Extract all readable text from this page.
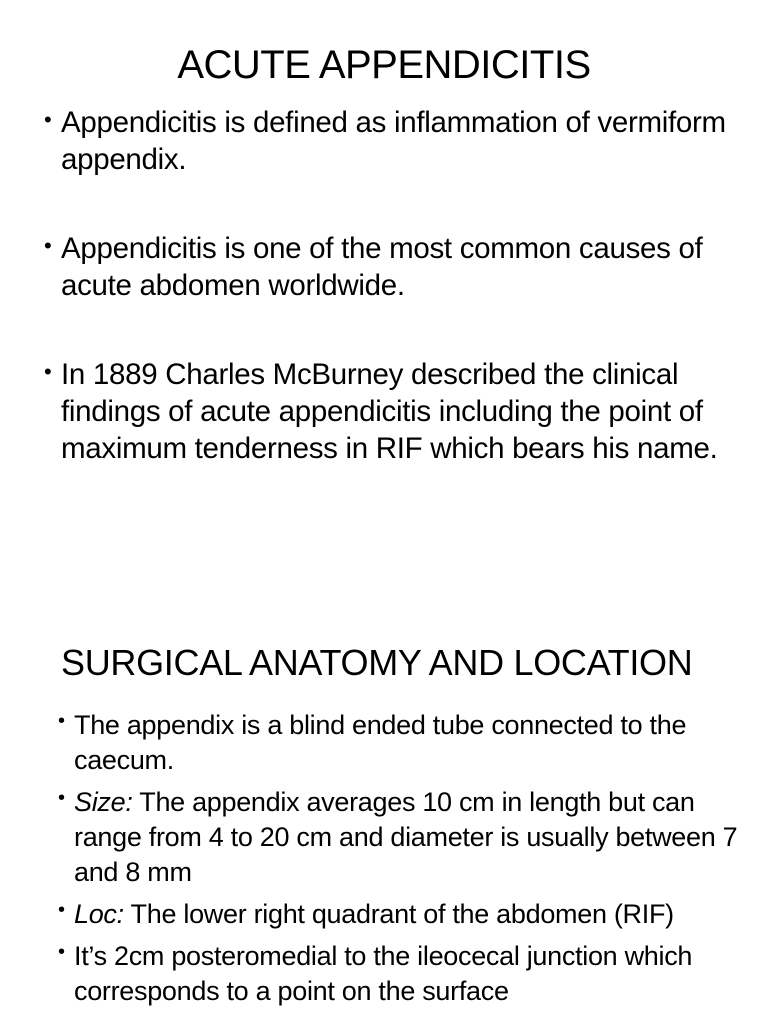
ACUTE APPENDICITIS
• Appendicitis is defined as inflammation of vermiform appendix.
• Appendicitis is one of the most common causes of acute abdomen worldwide.
• In 1889 Charles McBurney described the clinical findings of acute appendicitis including the point of maximum tenderness in RIF which bears his name.
SURGICAL ANATOMY AND LOCATION
• The appendix is a blind ended tube connected to the caecum.
• Size: The appendix averages 10 cm in length but can range from 4 to 20 cm and diameter is usually between 7 and 8 mm
• Loc: The lower right quadrant of the abdomen (RIF)
• It’s 2cm posteromedial to the ileocecal junction which corresponds to a point on the surface
